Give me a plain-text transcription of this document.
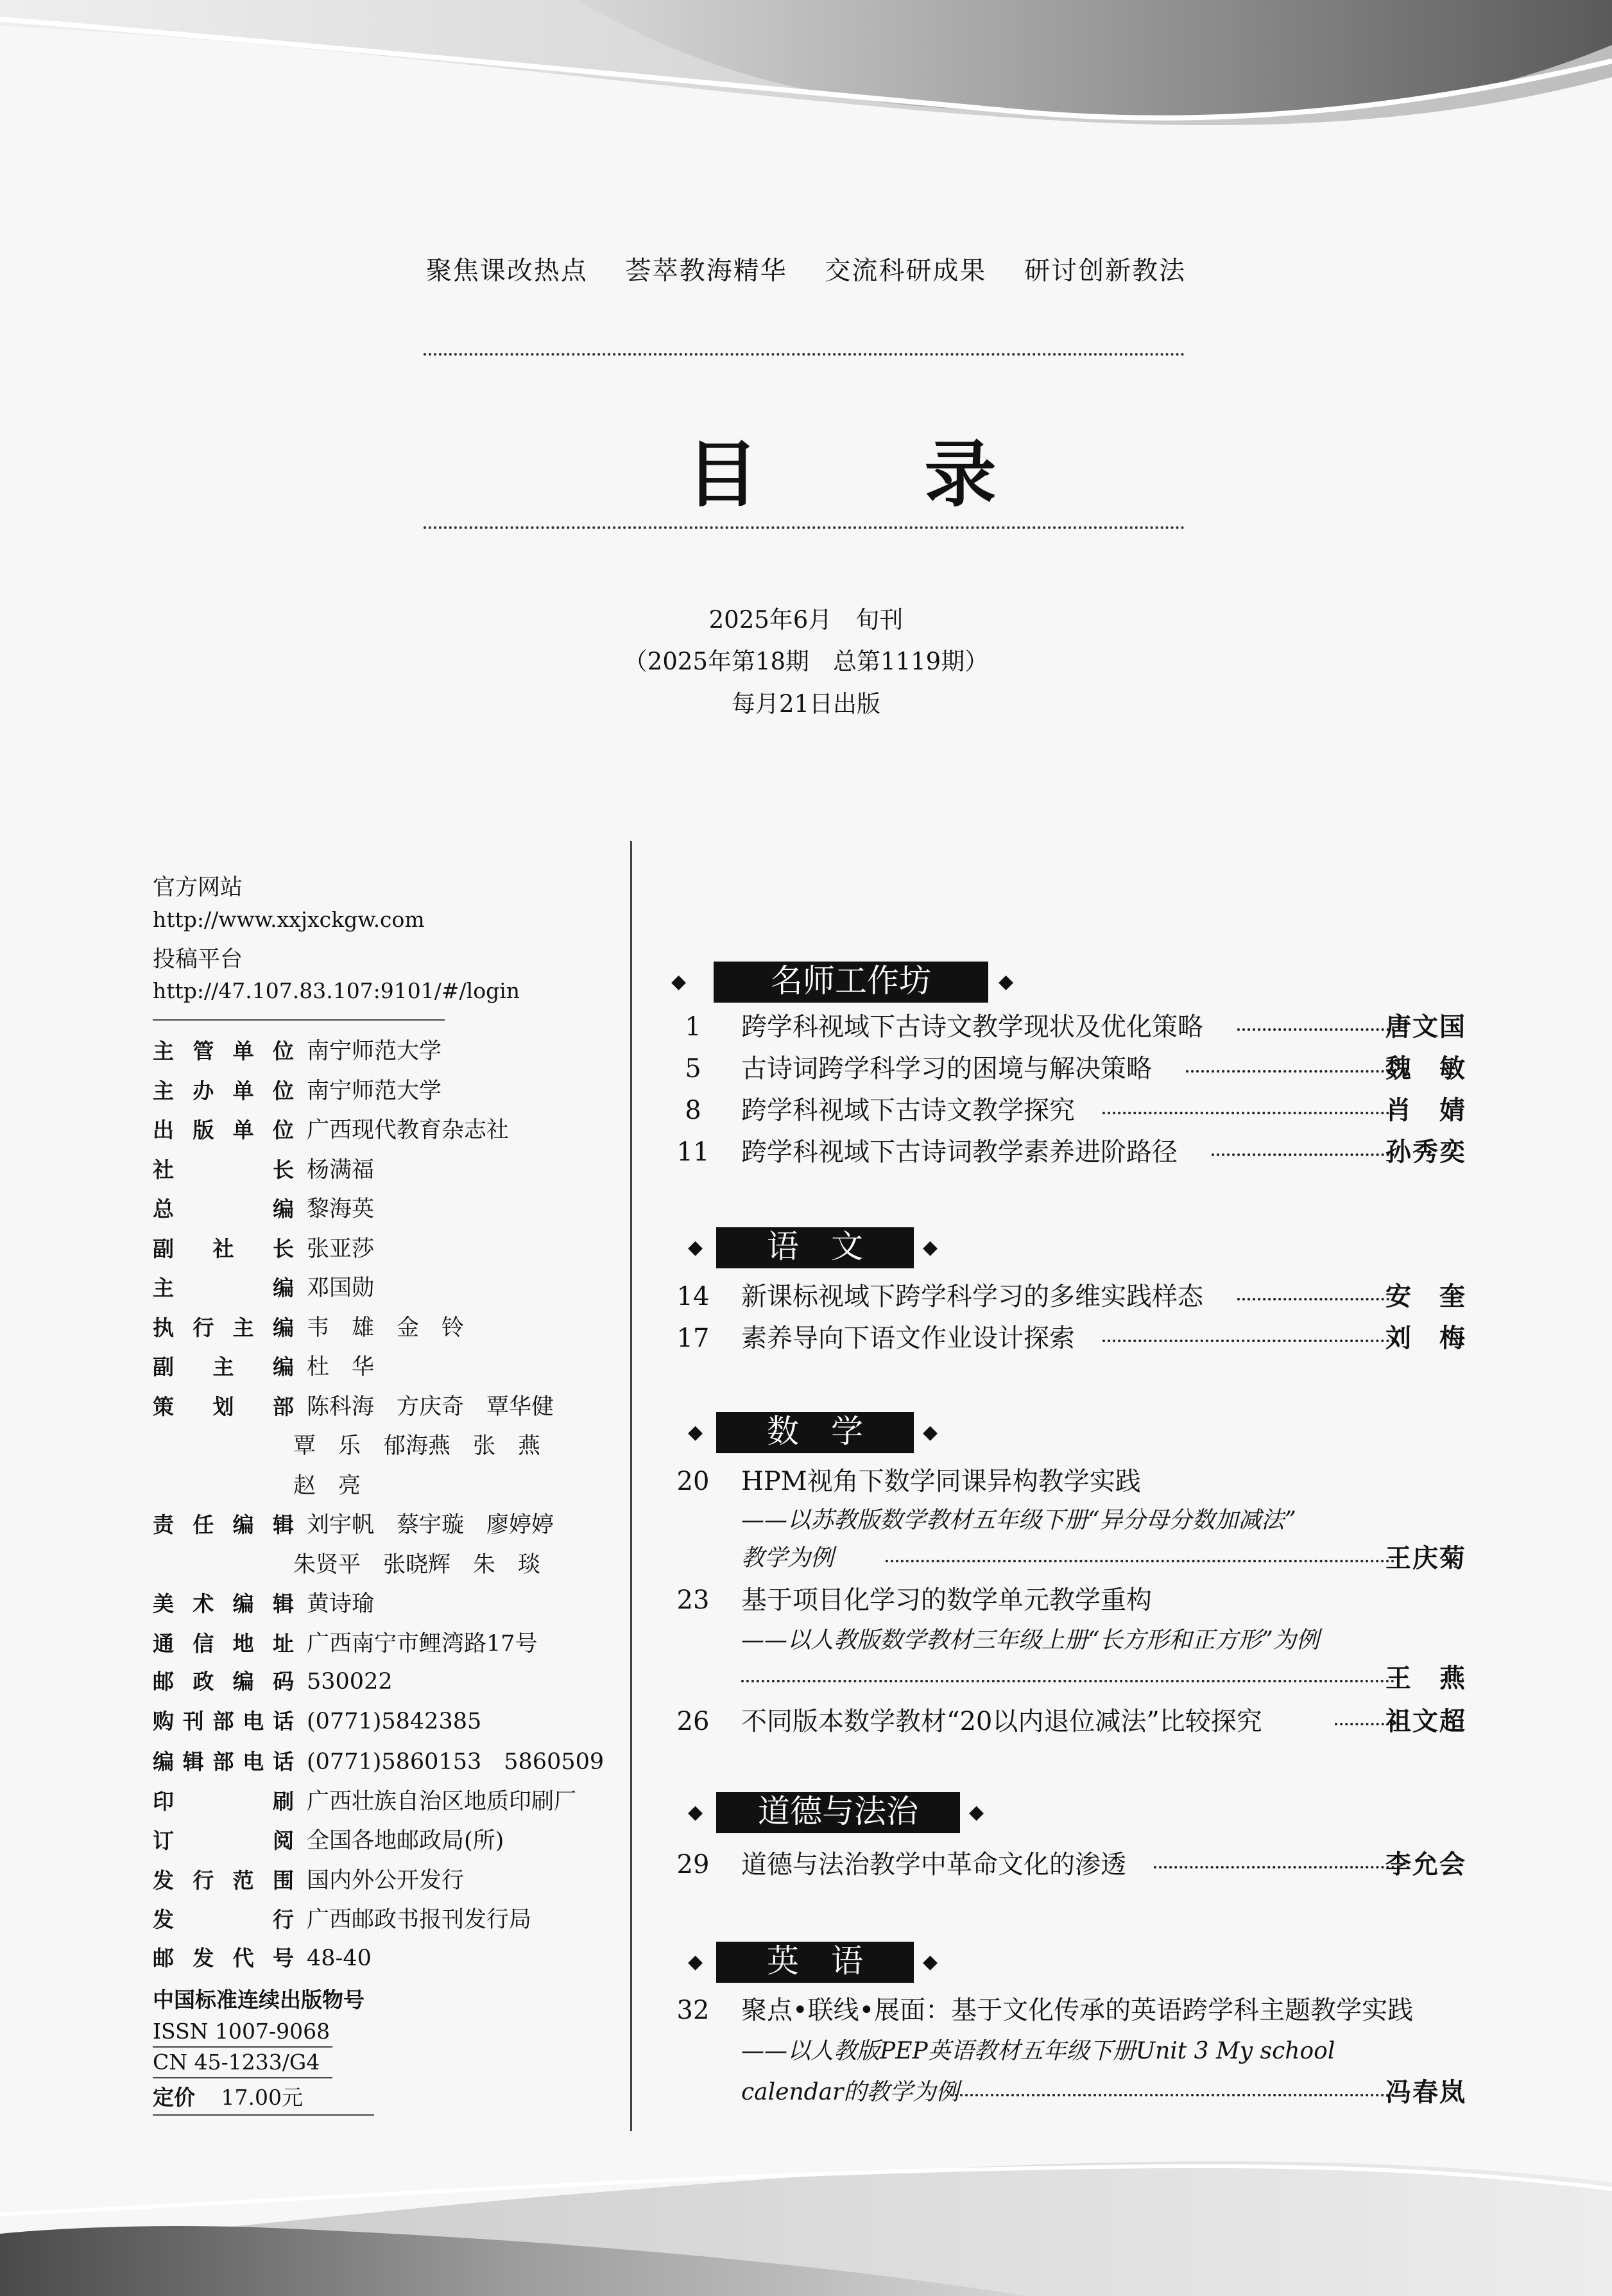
聚焦课改热点 荟萃教海精华 交流科研成果 研讨创新教法
目 录
2025年6月　旬刊
（2025年第18期　总第1119期）
每月21日出版
官方网站
http://www.xxjxckgw.com
投稿平台
http://47.107.83.107:9101/#/login
主管单位 南宁师范大学
主办单位 南宁师范大学
出版单位 广西现代教育杂志社
社长 杨满福
总编 黎海英
副社长 张亚莎
主编 邓国勋
执行主编 韦　雄　金　铃
副主编 杜　华
策划部 陈科海　方庆奇　覃华健
覃　乐　郁海燕　张　燕
赵　亮
责任编辑 刘宇帆　蔡宇璇　廖婷婷
朱贤平　张晓辉　朱　琰
美术编辑 黄诗瑜
通信地址 广西南宁市鲤湾路17号
邮政编码 530022
购刊部电话 (0771)5842385
编辑部电话 (0771)5860153　5860509
印刷 广西壮族自治区地质印刷厂
订阅 全国各地邮政局(所)
发行范围 国内外公开发行
发行 广西邮政书报刊发行局
邮发代号 48-40
中国标准连续出版物号
ISSN 1007-9068
CN 45-1233/G4
定价 17.00元
◆	名师工作坊	◆
1	跨学科视域下古诗文教学现状及优化策略	唐文国
5	古诗词跨学科学习的困境与解决策略	魏　敏
8	跨学科视域下古诗文教学探究	肖　婧
11 跨学科视域下古诗词教学素养进阶路径	孙秀奕
◆	语　文	◆
14 新课标视域下跨学科学习的多维实践样态	安　奎
17 素养导向下语文作业设计探索	刘　梅
◆	数　学	◆
20 HPM视角下数学同课异构教学实践
——以苏教版数学教材五年级下册“异分母分数加减法”
教学为例	王庆菊
23 基于项目化学习的数学单元教学重构
——以人教版数学教材三年级上册“长方形和正方形”为例
王　燕
26 不同版本数学教材“20以内退位减法”比较探究	祖文超
◆	道德与法治	◆
29 道德与法治教学中革命文化的渗透	李允会
◆	英　语	◆
32 聚点•联线•展面：基于文化传承的英语跨学科主题教学实践
——以人教版PEP英语教材五年级下册Unit 3 My school
calendar的教学为例	冯春岚
